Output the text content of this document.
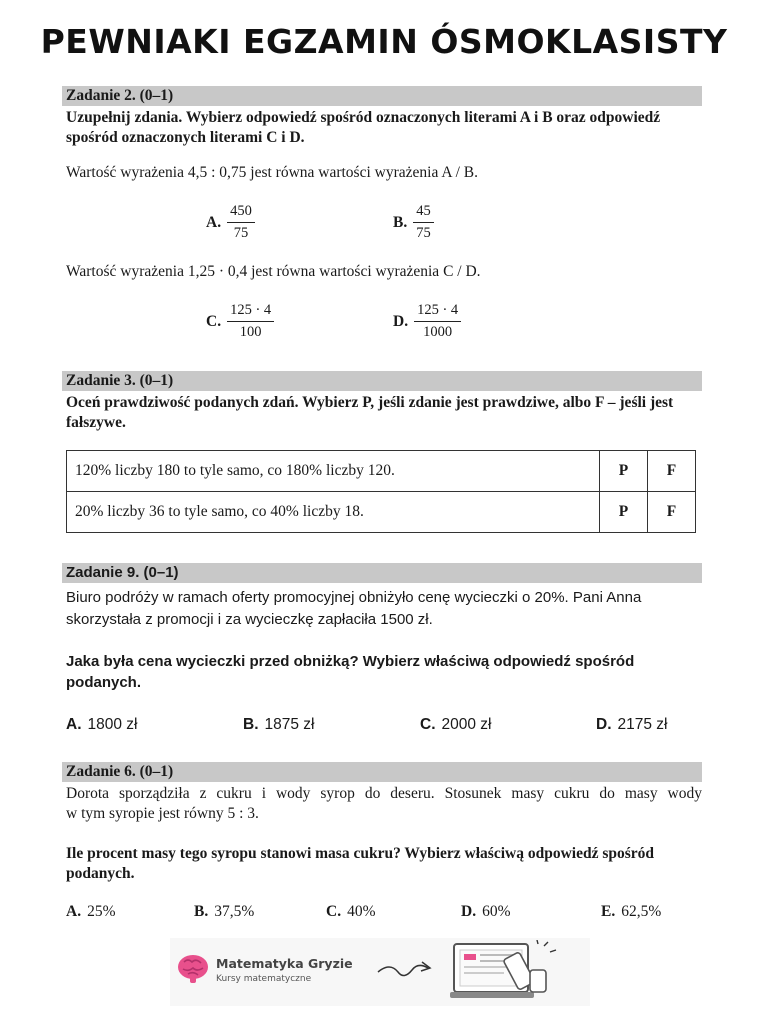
PEWNIAKI EGZAMIN ÓSMOKLASISTY
Zadanie 2. (0–1)
Uzupełnij zdania. Wybierz odpowiedź spośród oznaczonych literami A i B oraz odpowiedź spośród oznaczonych literami C i D.
Wartość wyrażenia 4,5 : 0,75 jest równa wartości wyrażenia A / B.
A. $\frac{450}{75}$	B. $\frac{45}{75}$
Wartość wyrażenia 1,25 · 0,4 jest równa wartości wyrażenia C / D.
C. $\frac{125 \cdot 4}{100}$	D. $\frac{125 \cdot 4}{1000}$
Zadanie 3. (0–1)
Oceń prawdziwość podanych zdań. Wybierz P, jeśli zdanie jest prawdziwe, albo F – jeśli jest fałszywe.
120% liczby 180 to tyle samo, co 180% liczby 120.	P	F
20% liczby 36 to tyle samo, co 40% liczby 18.	P	F
Zadanie 9. (0–1)
Biuro podróży w ramach oferty promocyjnej obniżyło cenę wycieczki o 20%. Pani Anna skorzystała z promocji i za wycieczkę zapłaciła 1500 zł.
Jaka była cena wycieczki przed obniżką? Wybierz właściwą odpowiedź spośród podanych.
A. 1800 zł	B. 1875 zł	C. 2000 zł	D. 2175 zł
Zadanie 6. (0–1)
Dorota sporządziła z cukru i wody syrop do deseru. Stosunek masy cukru do masy wody
w tym syropie jest równy 5 : 3.
Ile procent masy tego syropu stanowi masa cukru? Wybierz właściwą odpowiedź spośród podanych.
A. 25%	B. 37,5%	C. 40%	D. 60%	E. 62,5%
Matematyka Gryzie
Kursy matematyczne
